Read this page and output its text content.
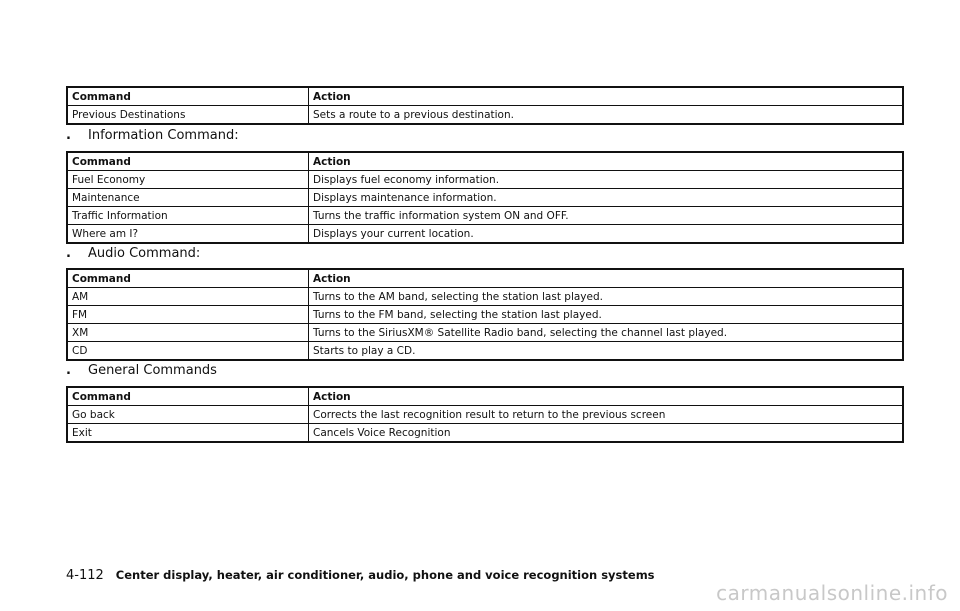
Command	Action
Previous Destinations	Sets a route to a previous destination.
.	Information Command:
Command	Action
Fuel Economy	Displays fuel economy information.
Maintenance	Displays maintenance information.
Traffic Information	Turns the traffic information system ON and OFF.
Where am I?	Displays your current location.
.	Audio Command:
Command	Action
AM	Turns to the AM band, selecting the station last played.
FM	Turns to the FM band, selecting the station last played.
XM	Turns to the SiriusXM® Satellite Radio band, selecting the channel last played.
CD	Starts to play a CD.
.	General Commands
Command	Action
Go back	Corrects the last recognition result to return to the previous screen
Exit	Cancels Voice Recognition
4-112 Center display, heater, air conditioner, audio, phone and voice recognition systems
carmanualsonline.info
